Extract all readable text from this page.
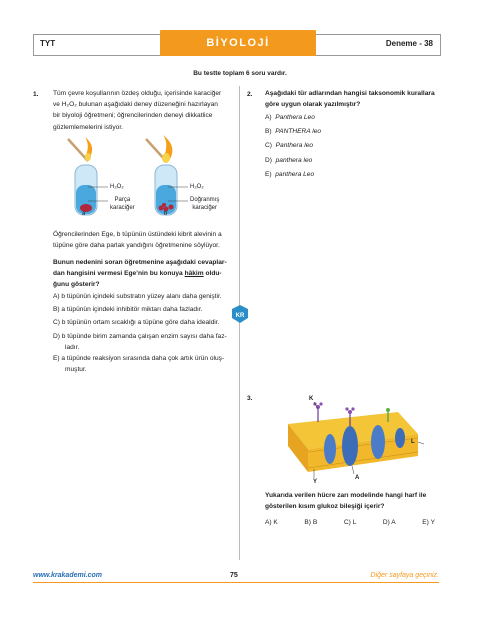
TYT	BİYOLOJİ	Deneme - 38
Bu testte toplam 6 soru vardır.
1. Tüm çevre koşullarının özdeş olduğu, içerisinde karaciğer
ve H₂O₂ bulunan aşağıdaki deney düzeneğini hazırlayan
bir biyoloji öğretmeni; öğrencilerinden deneyi dikkatlice
gözlemlemelerini istiyor.
H₂O₂
Parça
karaciğer
a
H₂O₂
Doğranmış
karaciğer
b
Öğrencilerinden Ege, b tüpünün üstündeki kibrit alevinin a
tüpüne göre daha parlak yandığını öğretmenine söylüyor.
Bunun nedenini soran öğretmenine aşağıdaki cevaplar-
dan hangisini vermesi Ege’nin bu konuya hâkim oldu-
ğunu gösterir?
A) b tüpünün içindeki substratın yüzey alanı daha geniştir.
B) a tüpünün içindeki inhibitör miktarı daha fazladır.
C) b tüpünün ortam sıcaklığı a tüpüne göre daha idealdir.
D) b tüpünde birim zamanda çalışan enzim sayısı daha faz-
ladır.
E) a tüpünde reaksiyon sırasında daha çok artık ürün oluş-
muştur.
KR
2. Aşağıdaki tür adlarından hangisi taksonomik kurallara
göre uygun olarak yazılmıştır?
A) Panthera Leo
B) PANTHERA leo
C) Panthera leo
D) panthera leo
E) panthera Leo
3.	K
L
A
Y
Yukarıda verilen hücre zarı modelinde hangi harf ile
gösterilen kısım glukoz bileşiği içerir?
A) K	B) B	C) L	D) A	E) Y
www.krakademi.com	75	Diğer sayfaya geçiniz.
